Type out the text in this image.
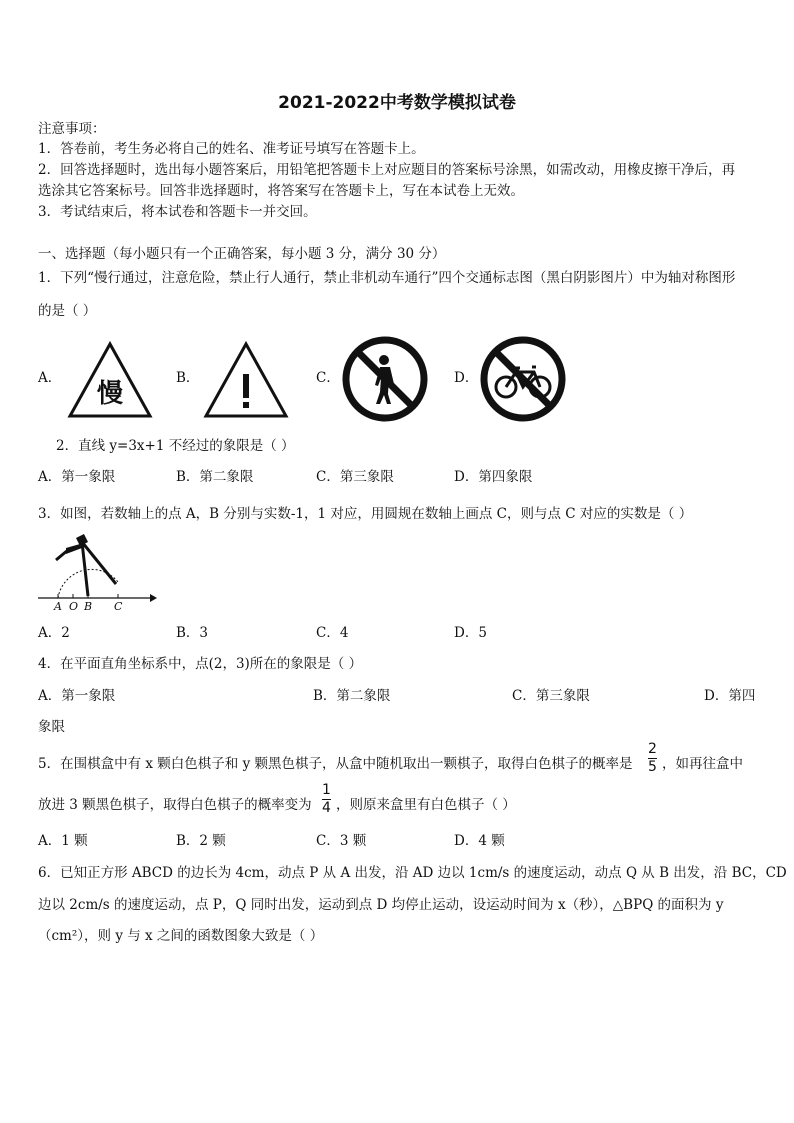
2021-2022中考数学模拟试卷
注意事项：
1．答卷前，考生务必将自己的姓名、准考证号填写在答题卡上。
2．回答选择题时，选出每小题答案后，用铅笔把答题卡上对应题目的答案标号涂黑，如需改动，用橡皮擦干净后，再
选涂其它答案标号。回答非选择题时，将答案写在答题卡上，写在本试卷上无效。
3．考试结束后，将本试卷和答题卡一并交回。
一、选择题（每小题只有一个正确答案，每小题 3 分，满分 30 分）
1．下列“慢行通过，注意危险，禁止行人通行，禁止非机动车通行”四个交通标志图（黑白阴影图片）中为轴对称图形
的是（ ）
A．
慢
B．	C．	D．
2．直线 y=3x+1 不经过的象限是（ ）
A．第一象限	B．第二象限	C．第三象限	D．第四象限
3．如图，若数轴上的点 A，B 分别与实数-1，1 对应，用圆规在数轴上画点 C，则与点 C 对应的实数是（ ）
A O B C
A．2	B．3	C．4	D．5
4．在平面直角坐标系中，点(2，3)所在的象限是（ ）
A．第一象限	B．第二象限	C．第三象限	D．第四
象限
5．在围棋盒中有 x 颗白色棋子和 y 颗黑色棋子，从盒中随机取出一颗棋子，取得白色棋子的概率是
2
5 ，如再往盒中
放进 3 颗黑色棋子，取得白色棋子的概率变为
1
4 ，则原来盒里有白色棋子（ ）
A．1 颗	B．2 颗	C．3 颗	D．4 颗
6．已知正方形 ABCD 的边长为 4cm，动点 P 从 A 出发，沿 AD 边以 1cm/s 的速度运动，动点 Q 从 B 出发，沿 BC，CD
边以 2cm/s 的速度运动，点 P，Q 同时出发，运动到点 D 均停止运动，设运动时间为 x（秒），△BPQ 的面积为 y
（cm²），则 y 与 x 之间的函数图象大致是（ ）
